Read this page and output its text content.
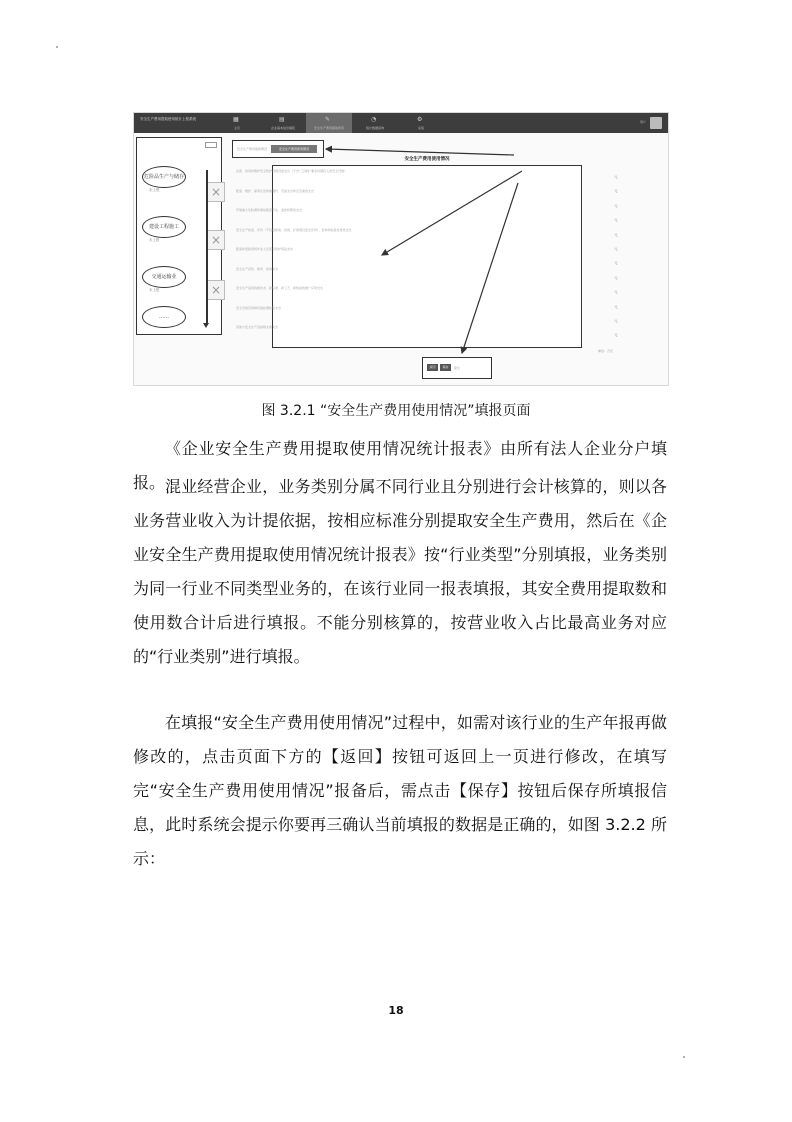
安全生产费用提取使用统计上报系统	▦
主页
▤
企业基本信息填报
✎
安全生产费用提取使用
◔
统计数据查询
⚙
系统
用户
危险品生产与储存
未上报
建设工程施工
未上报
交通运输业
未上报
……
×
×
×
安全生产费用提取情况	安全生产费用使用情况
安全生产费用使用情况
完善、改造和维护安全防护设施设备支出（不含“三同时”要求初期投入的安全设施）
配备、维护、保养应急救援器材、设备支出和应急演练支出
开展重大危险源和事故隐患评估、监控和整改支出
安全生产检查、评价（不包括新建、改建、扩建项目安全评价）、咨询和标准化建设支出
配备和更新现场作业人员安全防护用品支出
安全生产宣传、教育、培训支出
安全生产适用的新技术、新标准、新工艺、新装备的推广应用支出
安全设施及特种设备检测检验支出
其他与安全生产直接相关的支出
元
元
元
元
元
元
元
元
元
元
元
元
单位：万元
返回	保存	提交
图 3.2.1 “安全生产费用使用情况”填报页面

《企业安全生产费用提取使用情况统计报表》由所有法人企业分户填报。 混业经营企业，业务类别分属不同行业且分别进行会计核算的，则以各业务营业收入为计提依据，按相应标准分别提取安全生产费用，然后在《企业安全生产费用提取使用情况统计报表》按“行业类型”分别填报，业务类别为同一行业不同类型业务的，在该行业同一报表填报，其安全费用提取数和使用数合计后进行填报。不能分别核算的，按营业收入占比最高业务对应的“行业类别”进行填报。

在填报“安全生产费用使用情况”过程中，如需对该行业的生产年报再做修改的，点击页面下方的【返回】按钮可返回上一页进行修改，在填写完“安全生产费用使用情况”报备后，需点击【保存】按钮后保存所填报信息，此时系统会提示你要再三确认当前填报的数据是正确的，如图 3.2.2 所示：

18
